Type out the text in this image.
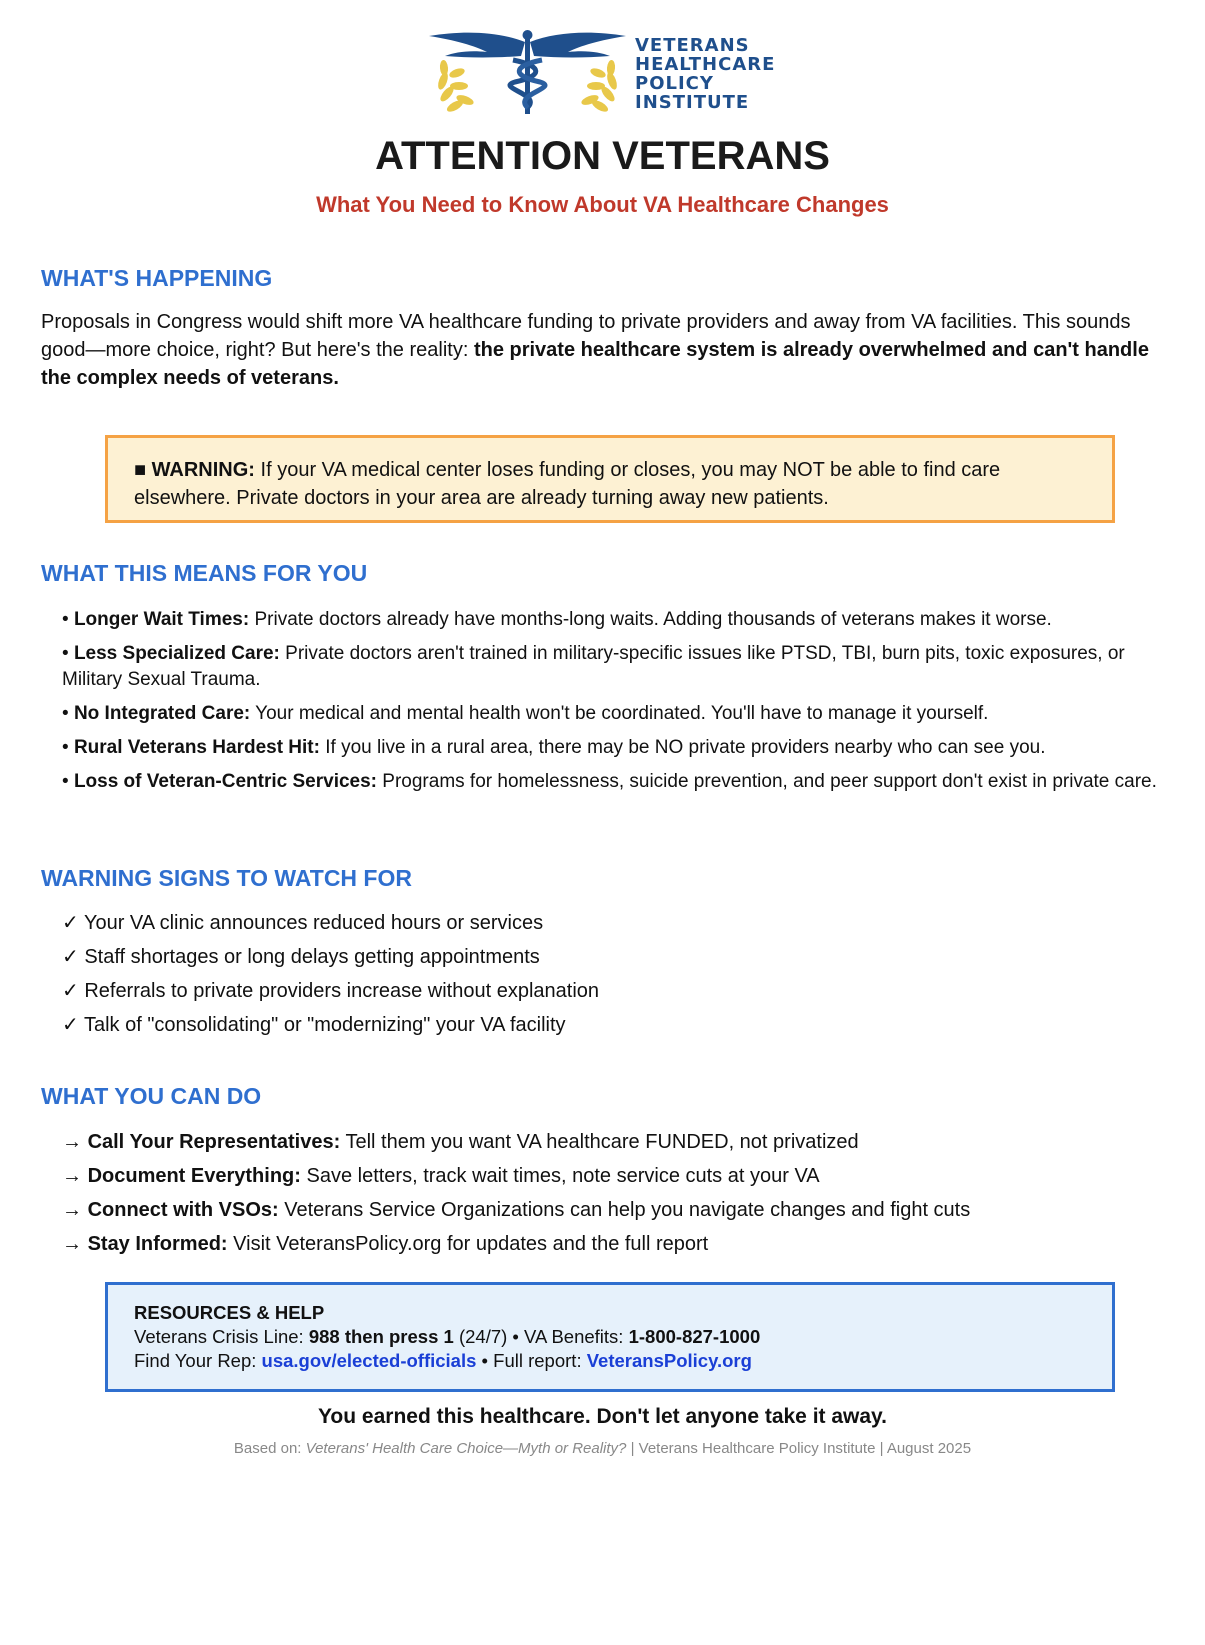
VETERANS
HEALTHCARE
POLICY
INSTITUTE
ATTENTION VETERANS
What You Need to Know About VA Healthcare Changes
WHAT'S HAPPENING
Proposals in Congress would shift more VA healthcare funding to private providers and away from VA facilities. This sounds good—more choice, right? But here's the reality: the private healthcare system is already overwhelmed and can't handle the complex needs of veterans.
■ WARNING: If your VA medical center loses funding or closes, you may NOT be able to find care elsewhere. Private doctors in your area are already turning away new patients.
WHAT THIS MEANS FOR YOU
• Longer Wait Times: Private doctors already have months-long waits. Adding thousands of veterans makes it worse.
• Less Specialized Care: Private doctors aren't trained in military-specific issues like PTSD, TBI, burn pits, toxic exposures, or Military Sexual Trauma.
• No Integrated Care: Your medical and mental health won't be coordinated. You'll have to manage it yourself.
• Rural Veterans Hardest Hit: If you live in a rural area, there may be NO private providers nearby who can see you.
• Loss of Veteran-Centric Services: Programs for homelessness, suicide prevention, and peer support don't exist in private care.
WARNING SIGNS TO WATCH FOR
✓ Your VA clinic announces reduced hours or services
✓ Staff shortages or long delays getting appointments
✓ Referrals to private providers increase without explanation
✓ Talk of "consolidating" or "modernizing" your VA facility
WHAT YOU CAN DO
→ Call Your Representatives: Tell them you want VA healthcare FUNDED, not privatized
→ Document Everything: Save letters, track wait times, note service cuts at your VA
→ Connect with VSOs: Veterans Service Organizations can help you navigate changes and fight cuts
→ Stay Informed: Visit VeteransPolicy.org for updates and the full report
RESOURCES & HELP
Veterans Crisis Line: 988 then press 1 (24/7) • VA Benefits: 1-800-827-1000
Find Your Rep: usa.gov/elected-officials • Full report: VeteransPolicy.org
You earned this healthcare. Don't let anyone take it away.
Based on: Veterans' Health Care Choice—Myth or Reality? | Veterans Healthcare Policy Institute | August 2025
